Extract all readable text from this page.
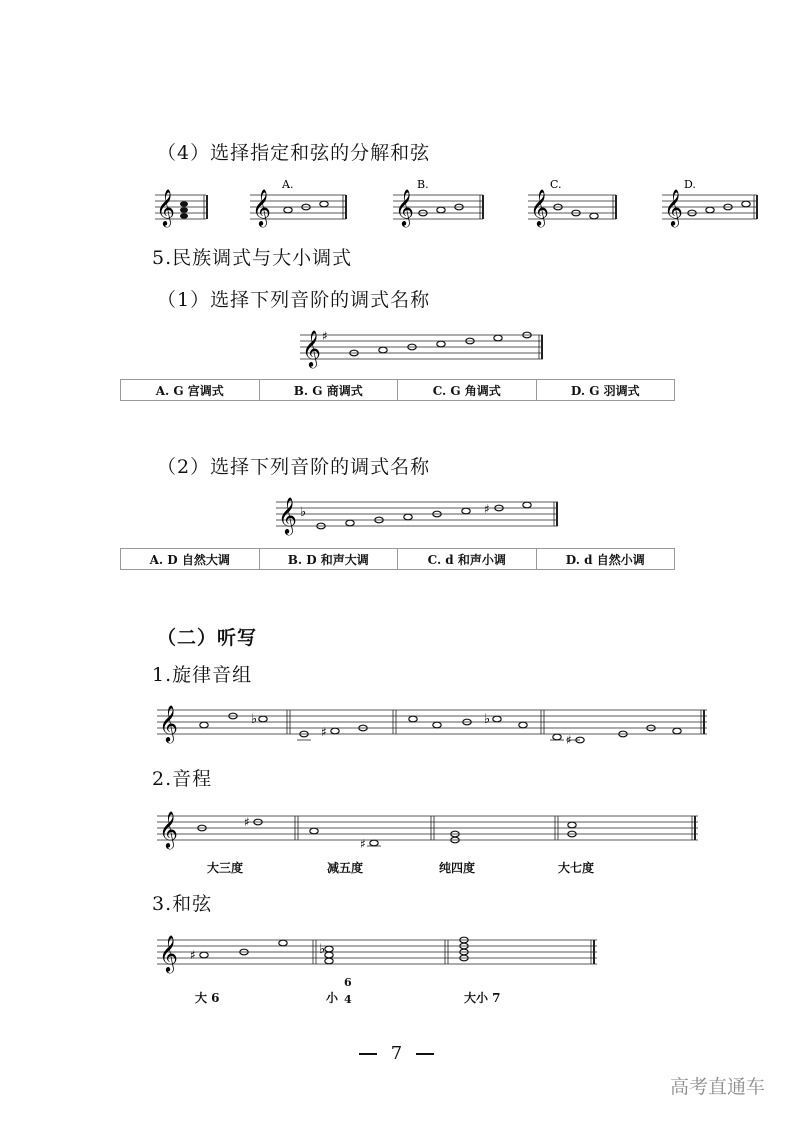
（4）选择指定和弦的分解和弦
𝄞 𝄞
A.
𝄞
B.
𝄞
C.
𝄞
D.
5.民族调式与大小调式
（1）选择下列音阶的调式名称
𝄞 ♯
A. G 宫调式	B. G 商调式	C. G 角调式	D. G 羽调式
（2）选择下列音阶的调式名称
𝄞 ♭	♯
A. D 自然大调	B. D 和声大调	C. d 和声小调	D. d 自然小调
（二）听写
1.旋律音组
𝄞	♭
♯
♭
♯
2.音程
𝄞	♯
♯
大三度	减五度	纯四度	大七度
3.和弦
𝄞 ♯	♭
大 6	小
6
4	大小 7
7
高考直通车
